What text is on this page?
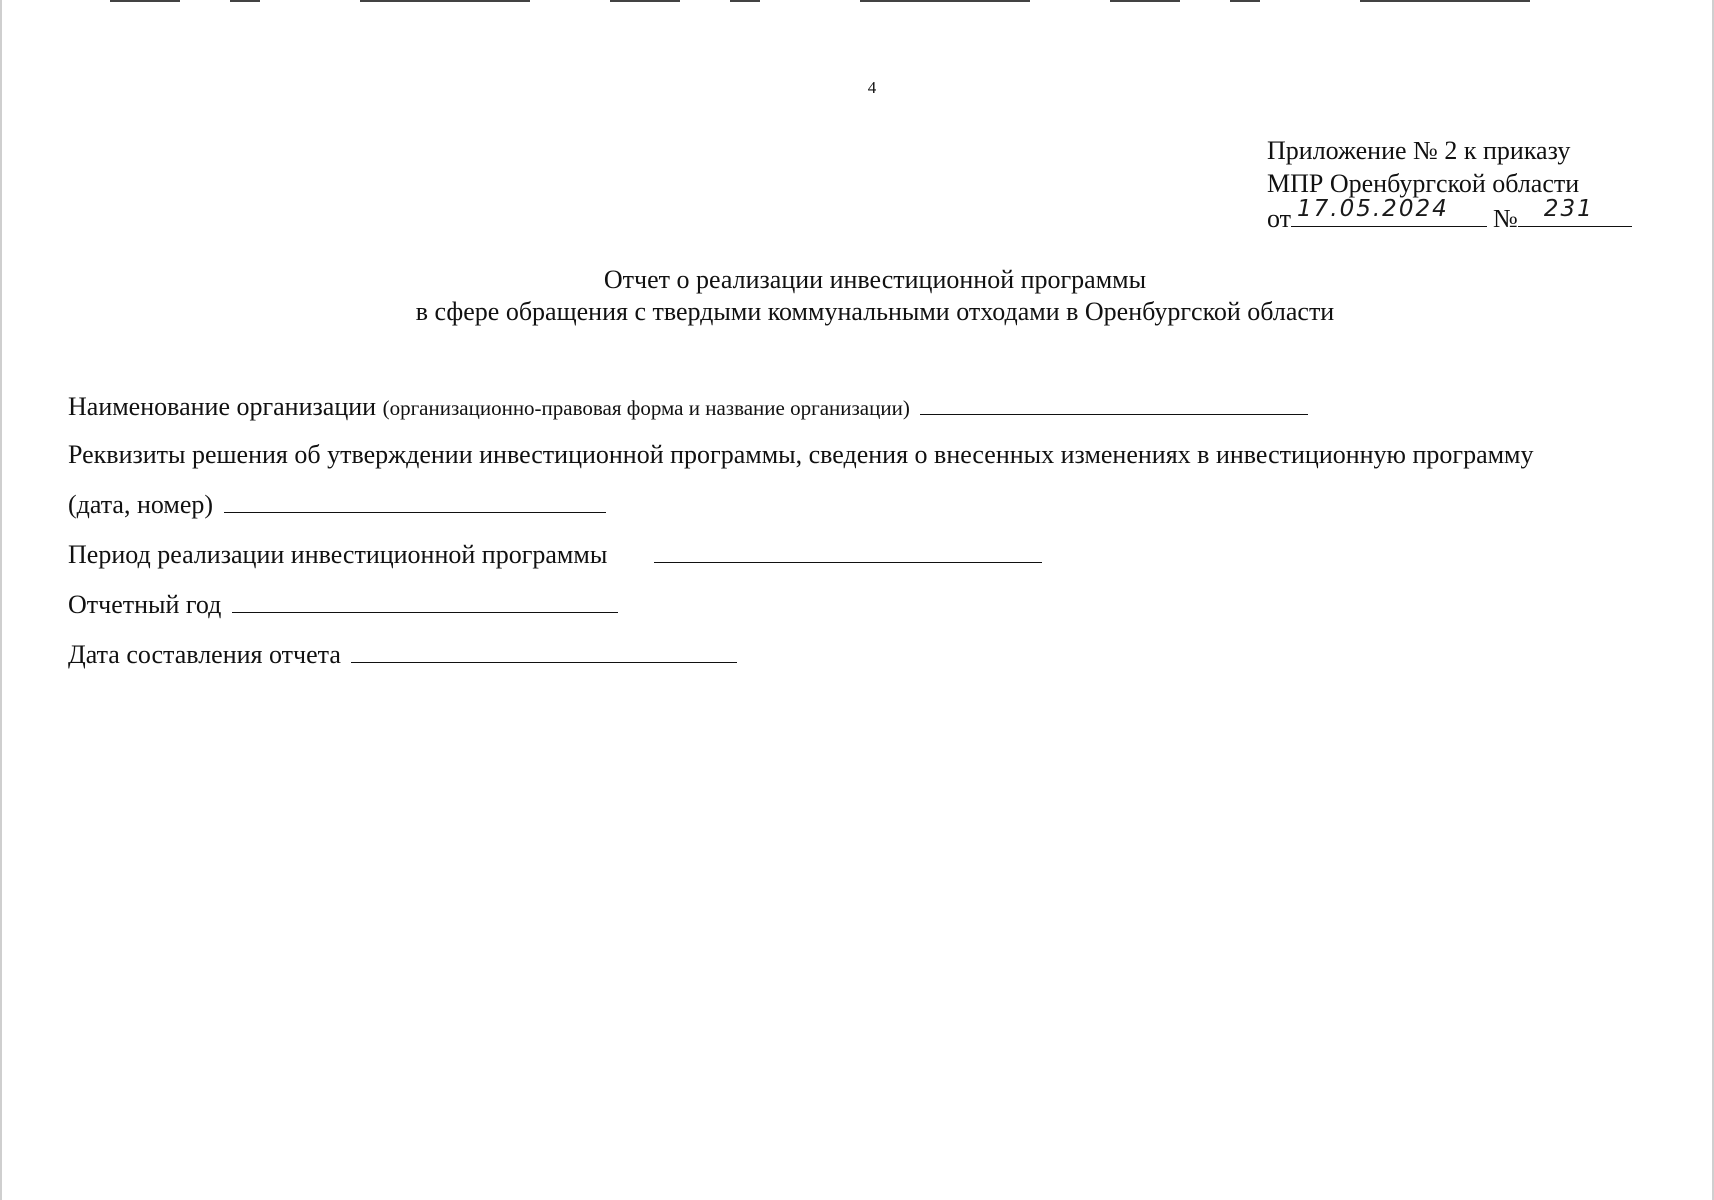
4
Приложение № 2 к приказу
МПР Оренбургской области
от 17.05.2024 № 231
Отчет о реализации инвестиционной программы
в сфере обращения с твердыми коммунальными отходами в Оренбургской области
Наименование организации (организационно-правовая форма и название организации)
Реквизиты решения об утверждении инвестиционной программы, сведения о внесенных изменениях в инвестиционную программу
(дата, номер)
Период реализации инвестиционной программы
Отчетный год
Дата составления отчета
